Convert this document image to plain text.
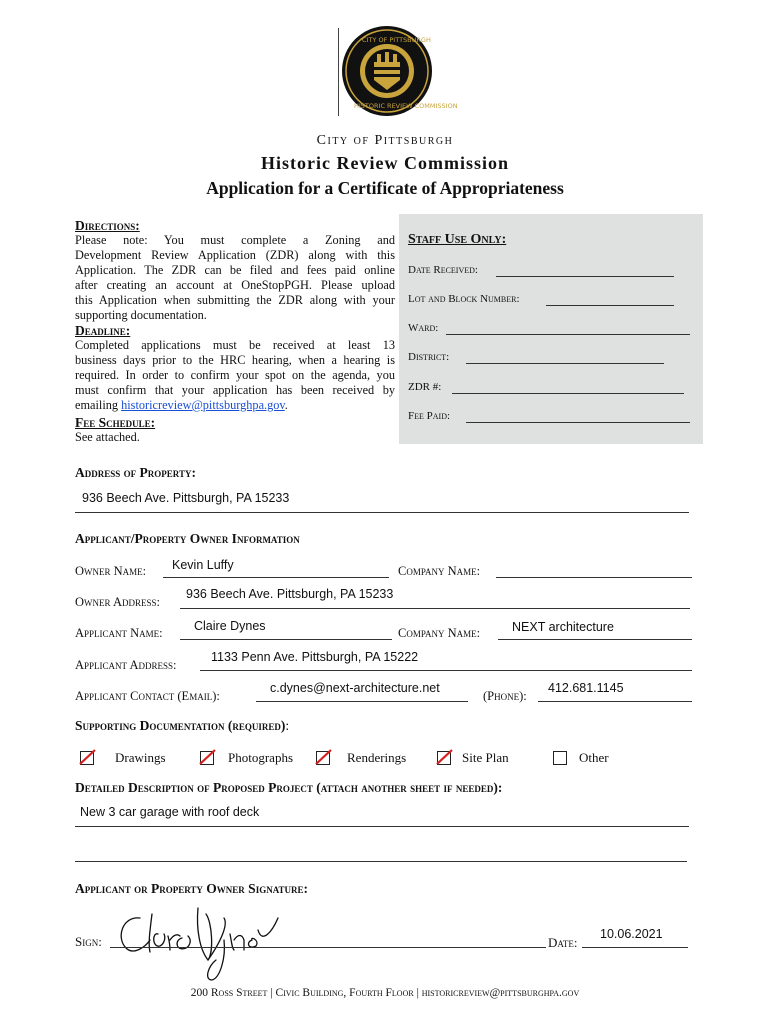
CITY OF PITTSBURGH
HISTORIC REVIEW COMMISSION
City of Pittsburgh
Historic Review Commission
Application for a Certificate of Appropriateness
Directions:
Please note: You must complete a Zoning and
Development Review Application (ZDR) along with this
Application. The ZDR can be filed and fees paid online
after creating an account at OneStopPGH. Please upload
this Application when submitting the ZDR along with your
supporting documentation.
Deadline:
Completed applications must be received at least 13
business days prior to the HRC hearing, when a hearing is
required. In order to confirm your spot on the agenda, you
must confirm that your application has been received by
emailing historicreview@pittsburghpa.gov.
Fee Schedule:
See attached.
Staff Use Only:
Date Received:
Lot and Block Number:
Ward:
District:
ZDR #:
Fee Paid:
Address of Property:
936 Beech Ave. Pittsburgh, PA 15233
Applicant/Property Owner Information
Owner Name: Kevin Luffy	Company Name:
Owner Address:
936 Beech Ave. Pittsburgh, PA 15233
Applicant Name:	Claire Dynes	Company Name:	NEXT architecture
Applicant Address:
1133 Penn Ave. Pittsburgh, PA 15222
Applicant Contact (Email):
c.dynes@next-architecture.net
(Phone):
412.681.1145
Supporting Documentation (required):
Drawings	Photographs	Renderings	Site Plan	Other
Detailed Description of Proposed Project (attach another sheet if needed):
New 3 car garage with roof deck
Applicant or Property Owner Signature:
Sign:	Date:
10.06.2021
200 Ross Street | Civic Building, Fourth Floor | historicreview@pittsburghpa.gov
